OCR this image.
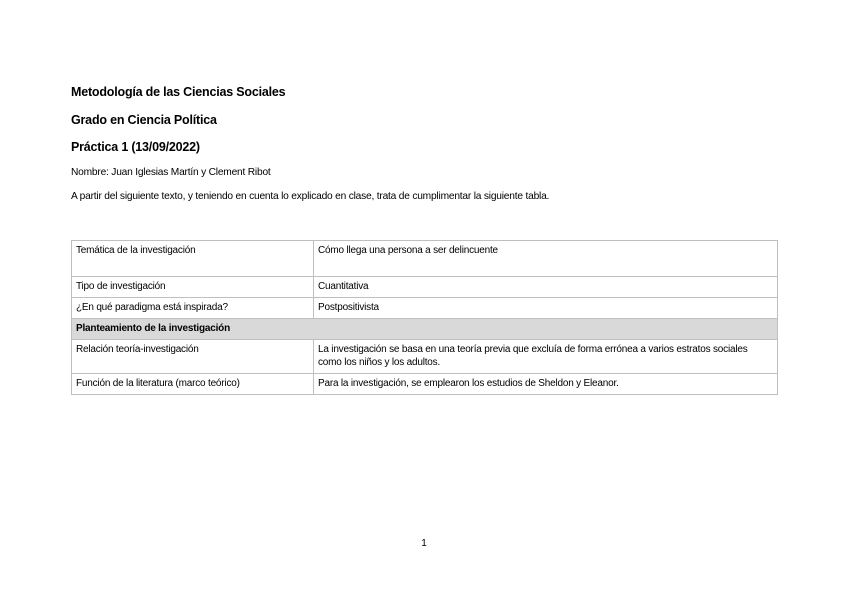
Metodología de las Ciencias Sociales
Grado en Ciencia Política
Práctica 1 (13/09/2022)
Nombre: Juan Iglesias Martín y Clement Ribot
A partir del siguiente texto, y teniendo en cuenta lo explicado en clase, trata de cumplimentar la siguiente tabla.
Temática de la investigación	Cómo llega una persona a ser delincuente
Tipo de investigación	Cuantitativa
¿En qué paradigma está inspirada?	Postpositivista
Planteamiento de la investigación	
Relación teoría-investigación	La investigación se basa en una teoría previa que excluía de forma errónea a varios estratos sociales como los niños y los adultos.
Función de la literatura (marco teórico)	Para la investigación, se emplearon los estudios de Sheldon y Eleanor.
1
